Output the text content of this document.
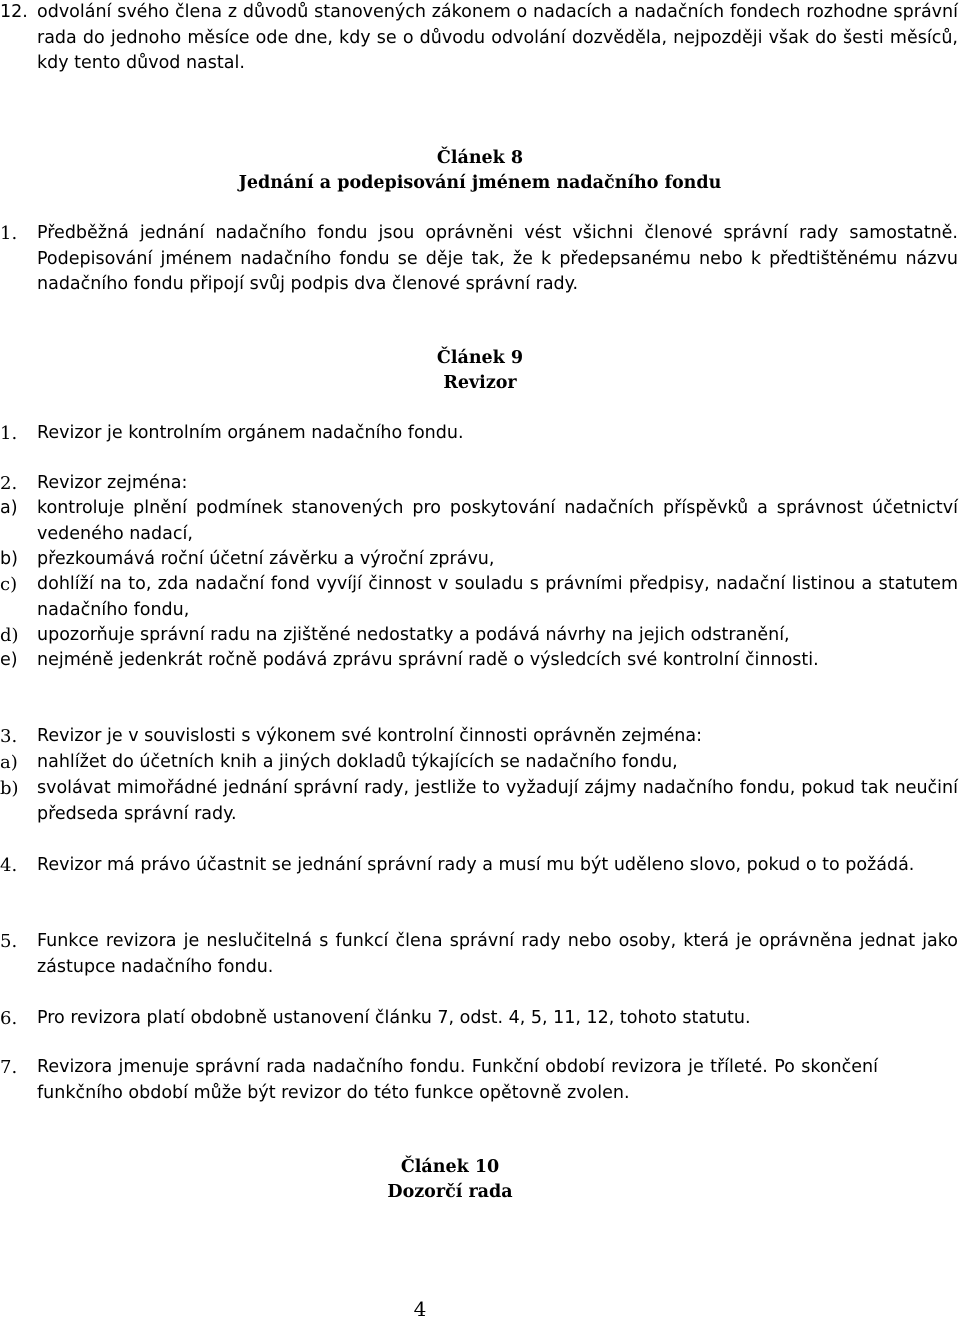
12. odvolání svého člena z důvodů stanovených zákonem o nadacích a nadačních fondech rozhodne správní rada do jednoho měsíce ode dne, kdy se o důvodu odvolání dozvěděla, nejpozději však do šesti měsíců, kdy tento důvod nastal.
Článek 8
Jednání a podepisování jménem nadačního fondu
1. Předběžná jednání nadačního fondu jsou oprávněni vést všichni členové správní rady samostatně. Podepisování jménem nadačního fondu se děje tak, že k předepsanému nebo k předtištěnému názvu nadačního fondu připojí svůj podpis dva členové správní rady.
Článek 9
Revizor
1. Revizor je kontrolním orgánem nadačního fondu.
2. Revizor zejména:
a) kontroluje plnění podmínek stanovených pro poskytování nadačních příspěvků a správnost účetnictví vedeného nadací,
b) přezkoumává roční účetní závěrku a výroční zprávu,
c) dohlíží na to, zda nadační fond vyvíjí činnost v souladu s právními předpisy, nadační listinou a statutem nadačního fondu,
d) upozorňuje správní radu na zjištěné nedostatky a podává návrhy na jejich odstranění,
e) nejméně jedenkrát ročně podává zprávu správní radě o výsledcích své kontrolní činnosti.
3. Revizor je v souvislosti s výkonem své kontrolní činnosti oprávněn zejména:
a) nahlížet do účetních knih a jiných dokladů týkajících se nadačního fondu,
b) svolávat mimořádné jednání správní rady, jestliže to vyžadují zájmy nadačního fondu, pokud tak neučiní předseda správní rady.
4. Revizor má právo účastnit se jednání správní rady a musí mu být uděleno slovo, pokud o to požádá.
5. Funkce revizora je neslučitelná s funkcí člena správní rady nebo osoby, která je oprávněna jednat jako zástupce nadačního fondu.
6. Pro revizora platí obdobně ustanovení článku 7, odst. 4, 5, 11, 12, tohoto statutu.
7. Revizora jmenuje správní rada nadačního fondu. Funkční období revizora je tříleté. Po skončení funkčního období může být revizor do této funkce opětovně zvolen.
Článek 10
Dozorčí rada
4
